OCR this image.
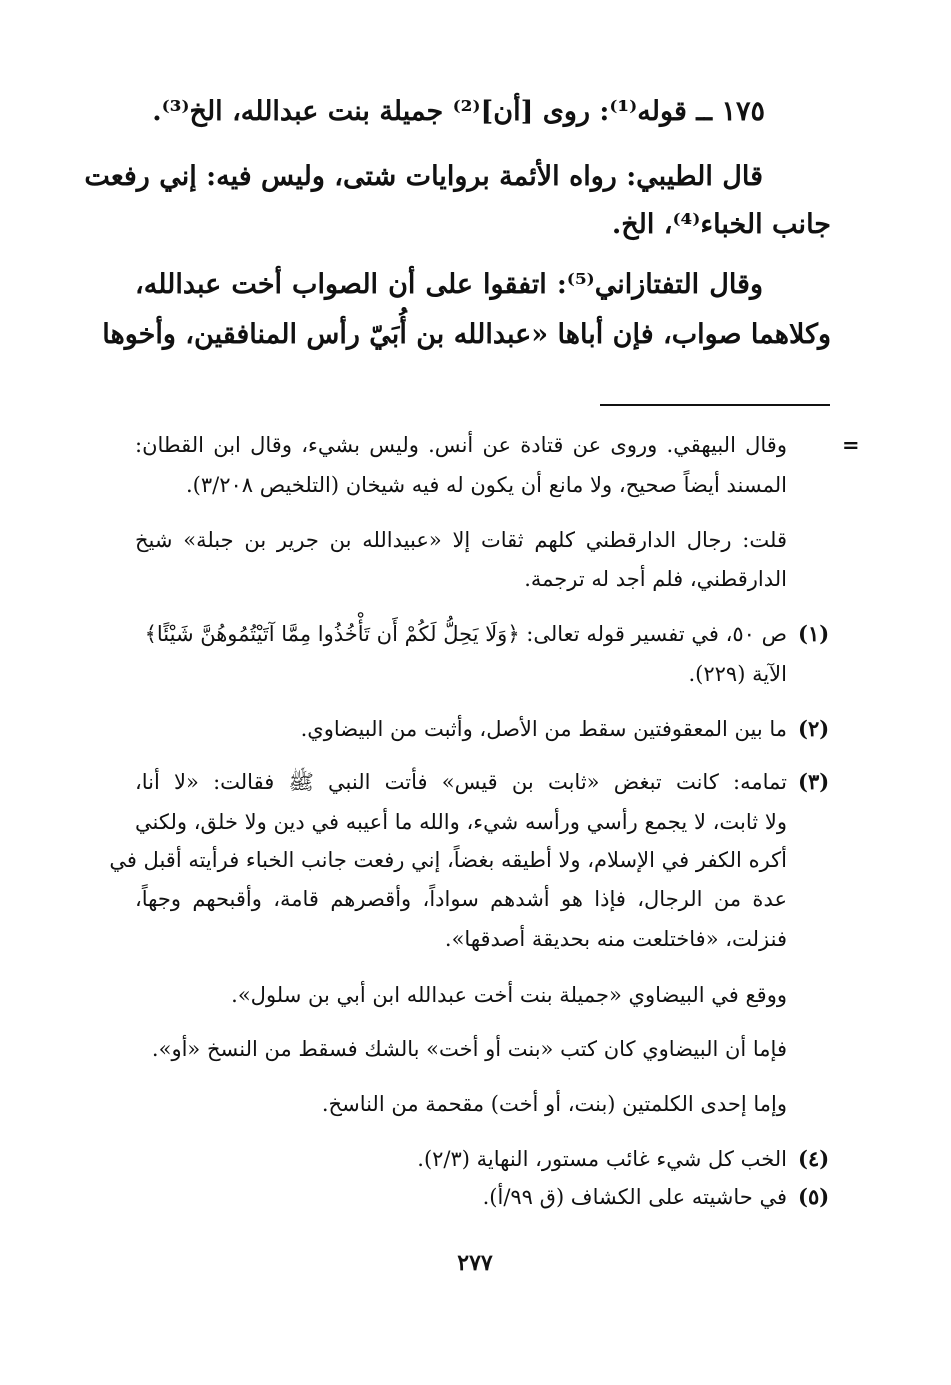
١٧٥ ــ قوله⁽¹⁾: روى [أن]⁽²⁾ جميلة بنت عبدالله، الخ⁽³⁾.
قال الطيبي: رواه الأئمة بروايات شتى، وليس فيه: إني رفعت
جانب الخباء⁽⁴⁾، الخ.
وقال التفتازاني⁽⁵⁾: اتفقوا على أن الصواب أخت عبدالله،
وكلاهما صواب، فإن أباها «عبدالله بن أُبَيّ رأس المنافقين، وأخوها
=
وقال البيهقي. وروى عن قتادة عن أنس. وليس بشيء، وقال ابن القطان:
المسند أيضاً صحيح، ولا مانع أن يكون له فيه شيخان (التلخيص ٣/٢٠٨).
قلت: رجال الدارقطني كلهم ثقات إلا «عبيدالله بن جرير بن جبلة» شيخ
الدارقطني، فلم أجد له ترجمة.
(١)
ص ٥٠، في تفسير قوله تعالى: ﴿وَلَا يَحِلُّ لَكُمْ أَن تَأْخُذُوا مِمَّا آتَيْتُمُوهُنَّ شَيْئًا﴾
الآية (٢٢٩).
(٢)
ما بين المعقوفتين سقط من الأصل، وأثبت من البيضاوي.
(٣)
تمامه: كانت تبغض «ثابت بن قيس» فأتت النبي ﷺ فقالت: «لا أنا،
ولا ثابت، لا يجمع رأسي ورأسه شيء، والله ما أعيبه في دين ولا خلق، ولكني
أكره الكفر في الإسلام، ولا أطيقه بغضاً، إني رفعت جانب الخباء فرأيته أقبل في
عدة من الرجال، فإذا هو أشدهم سواداً، وأقصرهم قامة، وأقبحهم وجهاً،
فنزلت، «فاختلعت منه بحديقة أصدقها».
ووقع في البيضاوي «جميلة بنت أخت عبدالله ابن أبي بن سلول».
فإما أن البيضاوي كان كتب «بنت أو أخت» بالشك فسقط من النسخ «أو».
وإما إحدى الكلمتين (بنت، أو أخت) مقحمة من الناسخ.
(٤)
الخب كل شيء غائب مستور، النهاية (٢/٣).
(٥)
في حاشيته على الكشاف (ق ٩٩/أ).
٢٧٧
